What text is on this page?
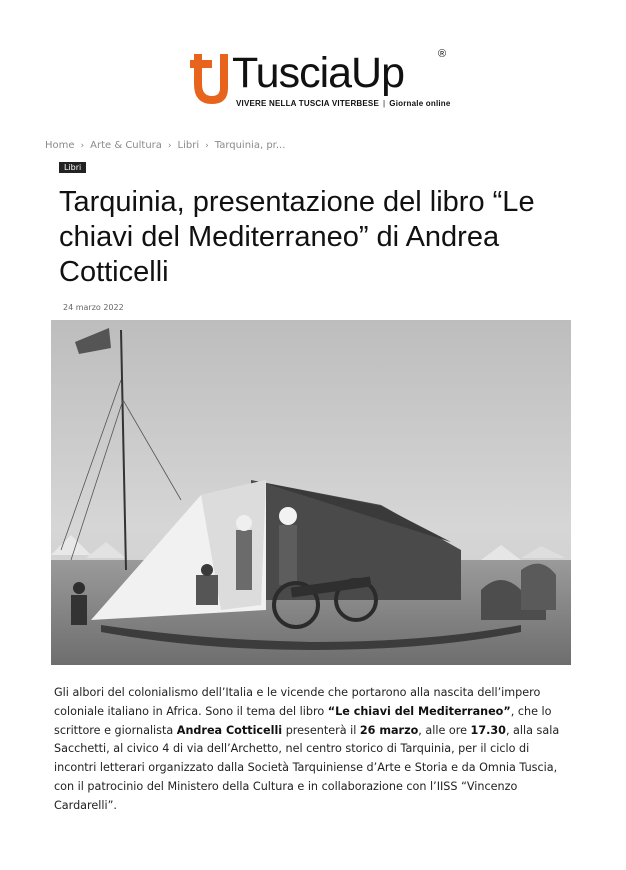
TusciaUp	®
VIVERE NELLA TUSCIA VITERBESE | Giornale online
Home › Arte & Cultura › Libri › Tarquinia, pr...
Libri
Tarquinia, presentazione del libro “Le chiavi del Mediterraneo” di Andrea Cotticelli
24 marzo 2022

Gli albori del colonialismo dell’Italia e le vicende che portarono alla nascita dell’impero coloniale italiano in Africa. Sono il tema del libro “Le chiavi del Mediterraneo”, che lo scrittore e giornalista Andrea Cotticelli presenterà il 26 marzo, alle ore 17.30, alla sala Sacchetti, al civico 4 di via dell’Archetto, nel centro storico di Tarquinia, per il ciclo di incontri letterari organizzato dalla Società Tarquiniense d’Arte e Storia e da Omnia Tuscia, con il patrocinio del Ministero della Cultura e in collaborazione con l’IISS “Vincenzo Cardarelli”.
